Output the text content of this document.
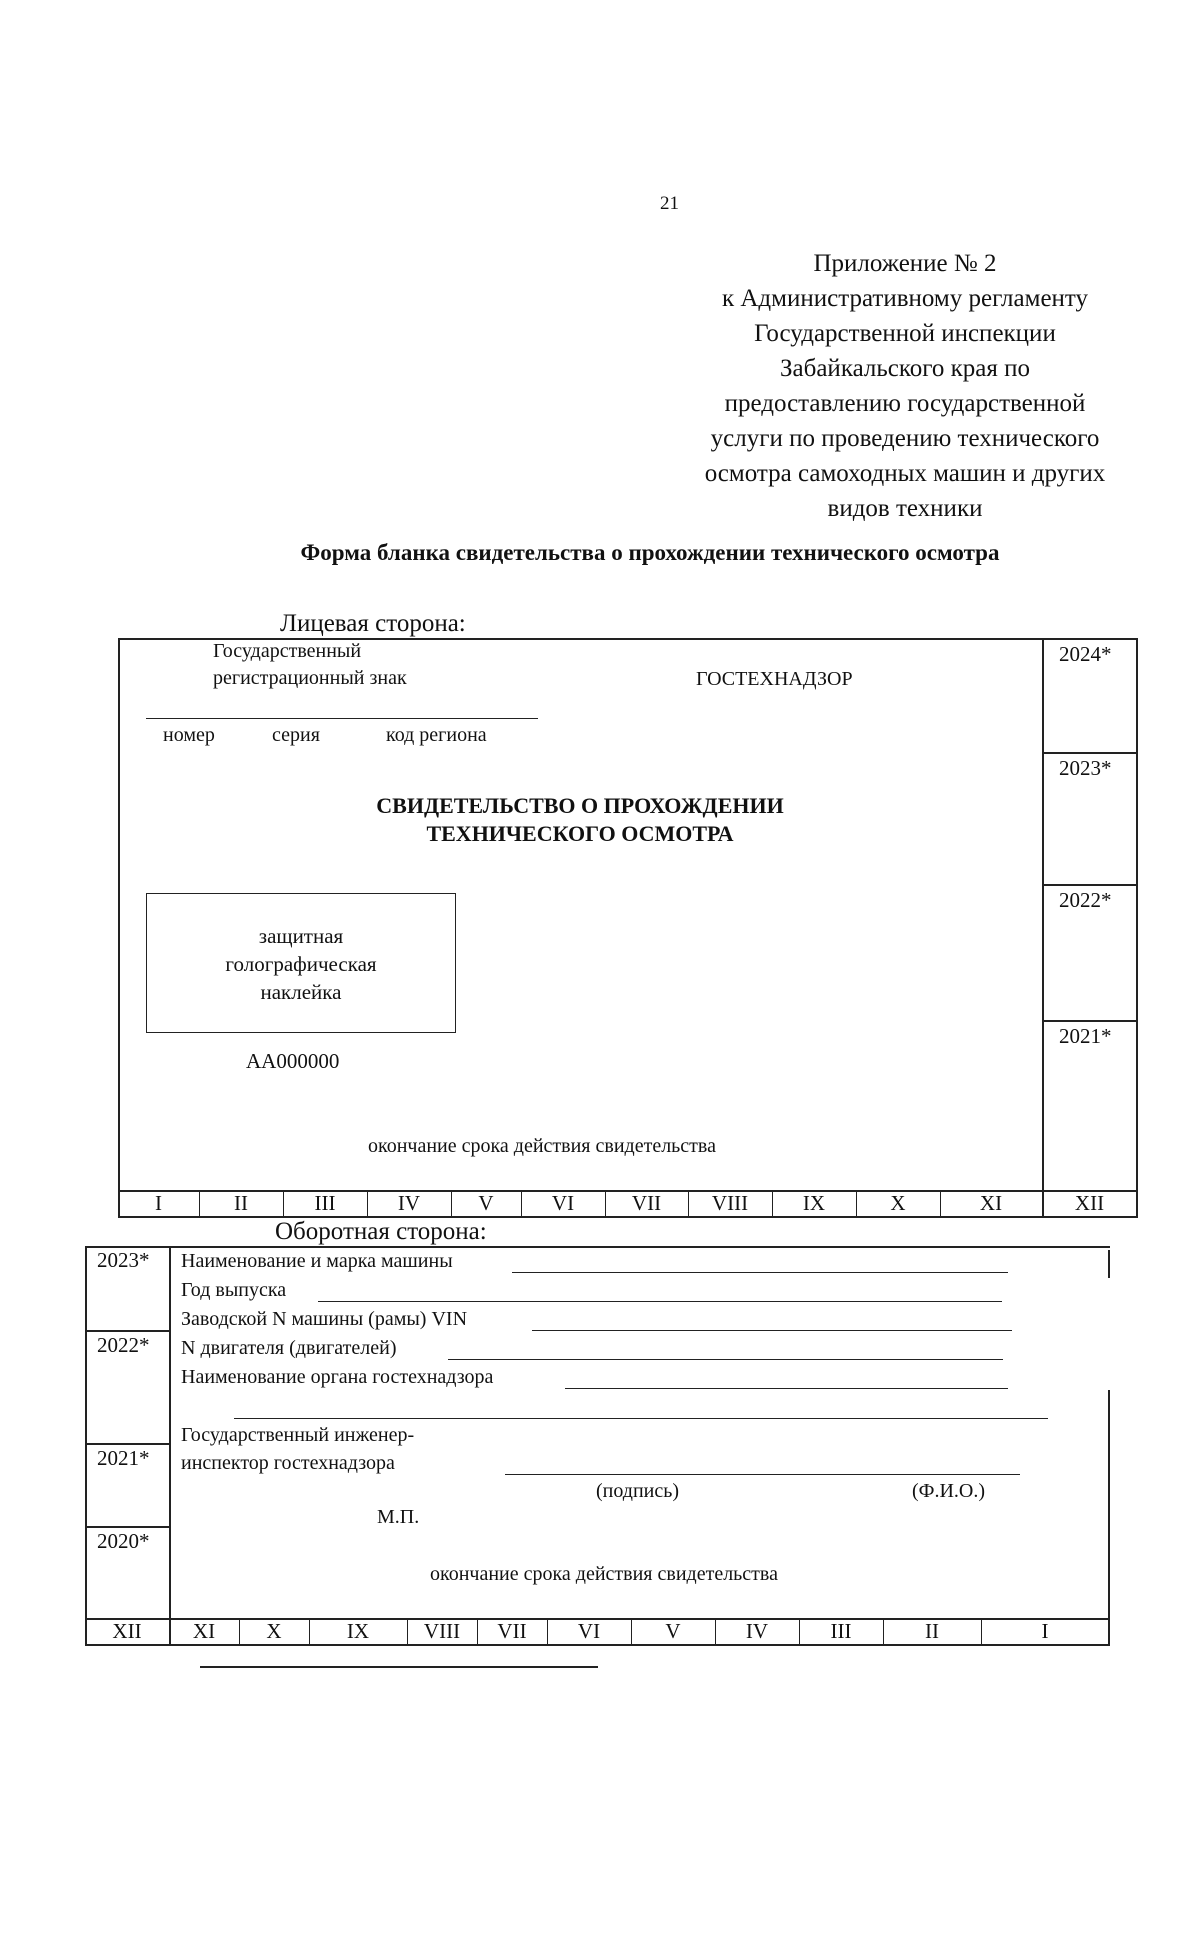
21
Приложение № 2
к Административному регламенту
Государственной инспекции
Забайкальского края по
предоставлению государственной
услуги по проведению технического
осмотра самоходных машин и других
видов техники
Форма бланка свидетельства о прохождении технического осмотра
Лицевая сторона:
2024*
2023*
2022*
2021*
Государственный
регистрационный знак	ГОСТЕХНАДЗОР
номер	серия	код региона
СВИДЕТЕЛЬСТВО О ПРОХОЖДЕНИИ
ТЕХНИЧЕСКОГО ОСМОТРА
защитная
голографическая
наклейка
АА000000
окончание срока действия свидетельства
I	II	III	IV	V	VI	VII	VIII	IX	X	XI	XII
Оборотная сторона:
2023*
2022*
2021*
2020*
Наименование и марка машины
Год выпуска
Заводской N машины (рамы) VIN
N двигателя (двигателей)
Наименование органа гостехнадзора
Государственный инженер-
инспектор гостехнадзора
(подпись)	(Ф.И.О.)
М.П.
окончание срока действия свидетельства
XII	XI	X	IX	VIII	VII	VI	V	IV	III	II	I
